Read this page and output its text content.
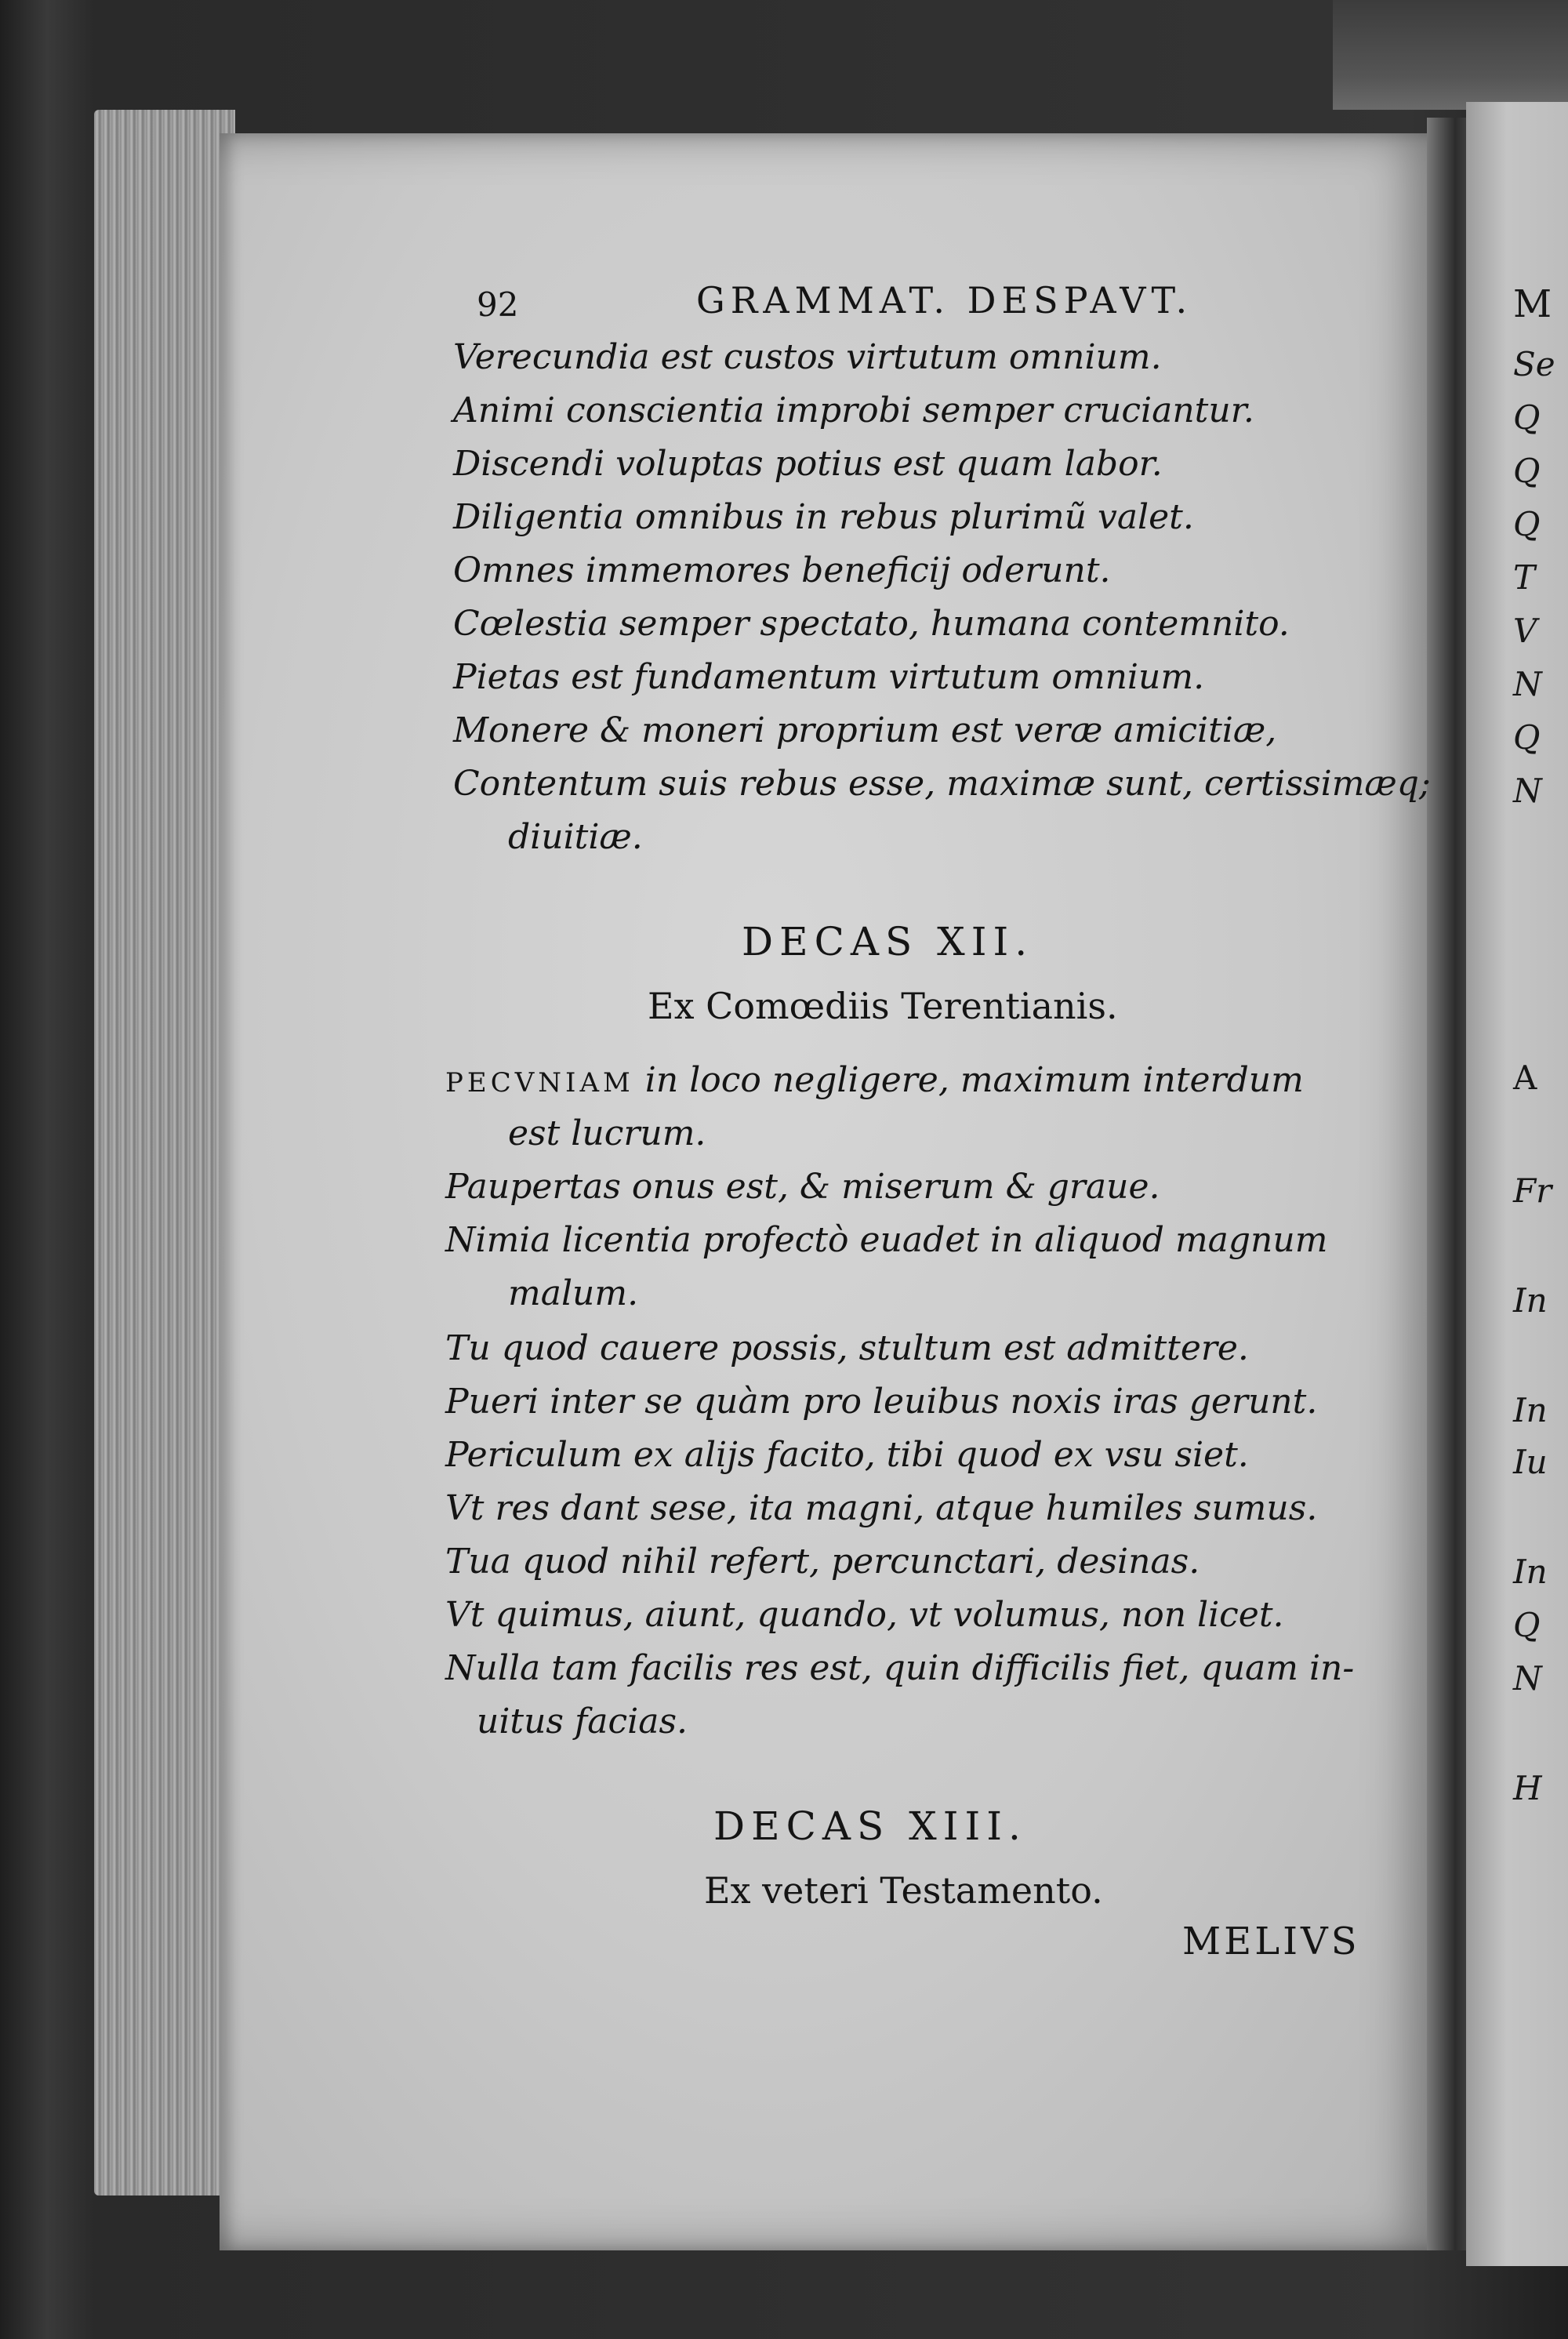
92	GRAMMAT. DESPAVT.
Verecundia est custos virtutum omnium.
Animi conscientia improbi semper cruciantur.
Discendi voluptas potius est quam labor.
Diligentia omnibus in rebus plurimũ valet.
Omnes immemores beneficij oderunt.
Cœlestia semper spectato, humana contemnito.
Pietas est fundamentum virtutum omnium.
Monere & moneri proprium est veræ amicitiæ,
Contentum suis rebus esse, maximæ sunt, certissimæq;
diuitiæ.
DECAS XII.
Ex Comœdiis Terentianis.
PECVNIAM in loco negligere, maximum interdum
est lucrum.
Paupertas onus est, & miserum & graue.
Nimia licentia profectò euadet in aliquod magnum
malum.
Tu quod cauere possis, stultum est admittere.
Pueri inter se quàm pro leuibus noxis iras gerunt.
Periculum ex alijs facito, tibi quod ex vsu siet.
Vt res dant sese, ita magni, atque humiles sumus.
Tua quod nihil refert, percunctari, desinas.
Vt quimus, aiunt, quando, vt volumus, non licet.
Nulla tam facilis res est, quin difficilis fiet, quam in-
uitus facias.
DECAS XIII.
Ex veteri Testamento.
MELIVS
M
Se
Q
Q
Q
T
V
N
Q
N
A
Fr
In
In
Iu
In
Q
N
H
